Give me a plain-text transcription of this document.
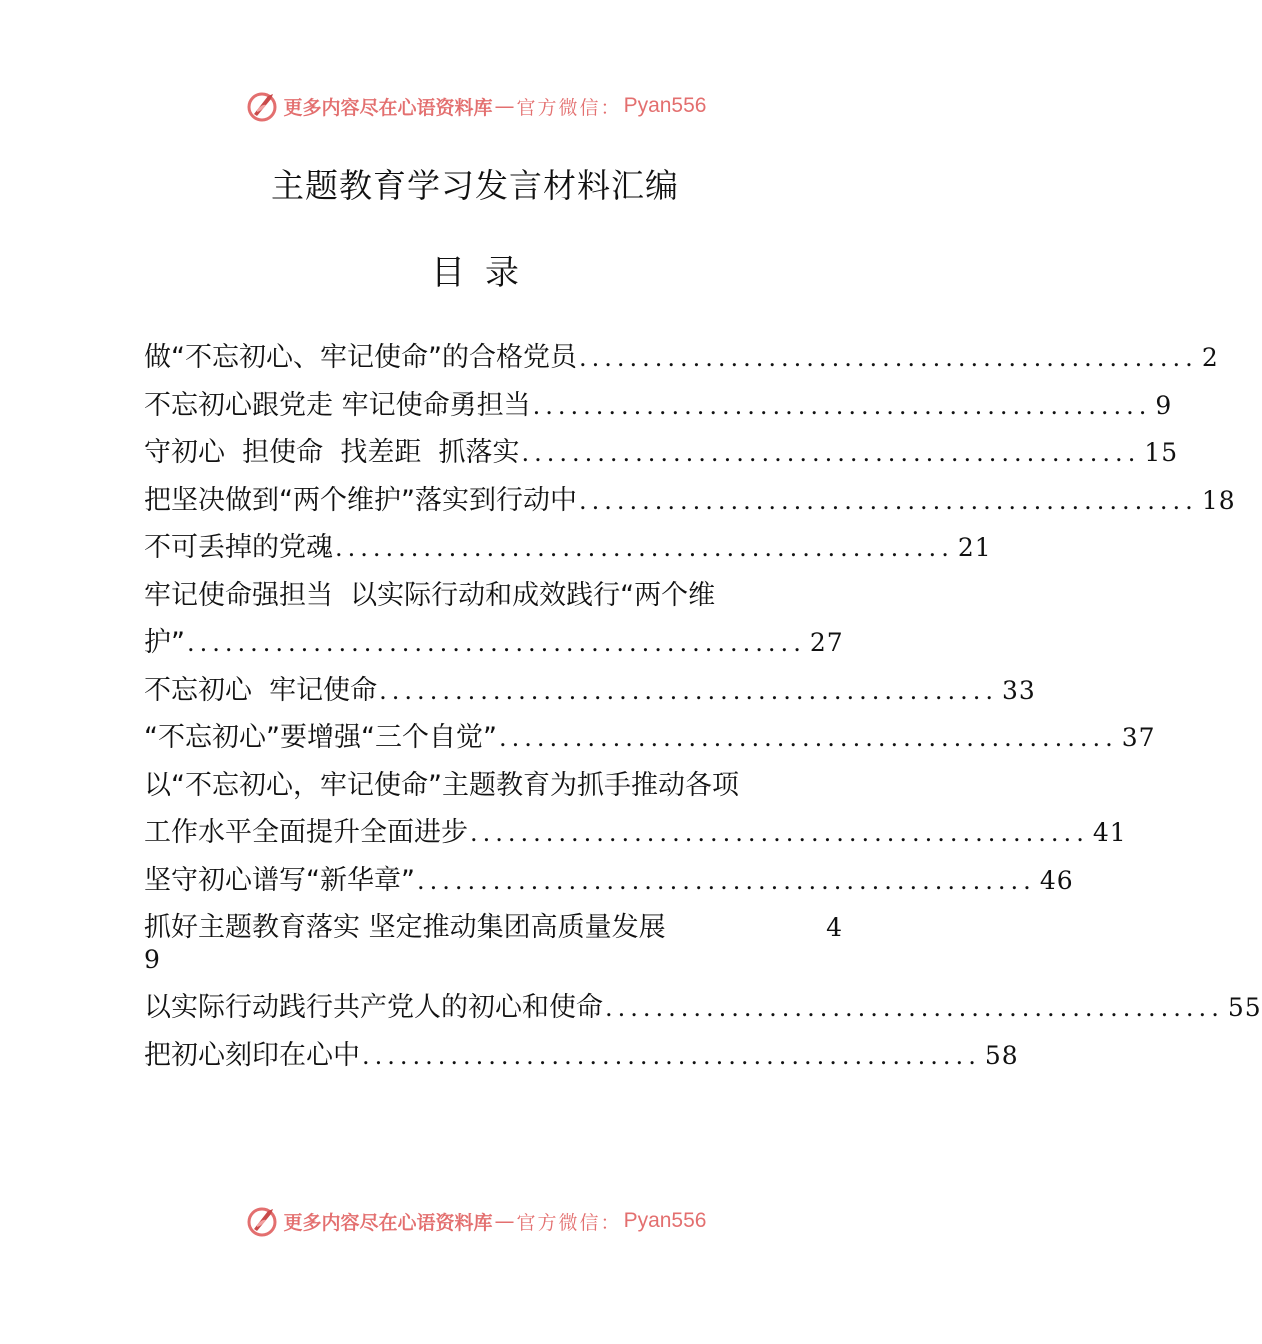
更多内容尽在心语资料库 — 官方微信： Pyan556
主题教育学习发言材料汇编
目录
做“不忘初心、牢记使命”的合格党员 ................................................. 2
不忘初心跟党走 牢记使命勇担当 ................................................. 9
守初心  担使命  找差距  抓落实 ................................................. 15
把坚决做到“两个维护”落实到行动中 ................................................. 18
不可丢掉的党魂 ................................................. 21
牢记使命强担当  以实际行动和成效践行“两个维
护” ................................................. 27
不忘初心  牢记使命 ................................................. 33
“不忘初心”要增强“三个自觉” ................................................. 37
以“不忘初心，牢记使命”主题教育为抓手推动各项
工作水平全面提升全面进步 ................................................. 41
坚守初心谱写“新华章” ................................................. 46
抓好主题教育落实 坚定推动集团高质量发展	4
9
以实际行动践行共产党人的初心和使命 ................................................. 55
把初心刻印在心中 ................................................. 58
更多内容尽在心语资料库 — 官方微信： Pyan556
